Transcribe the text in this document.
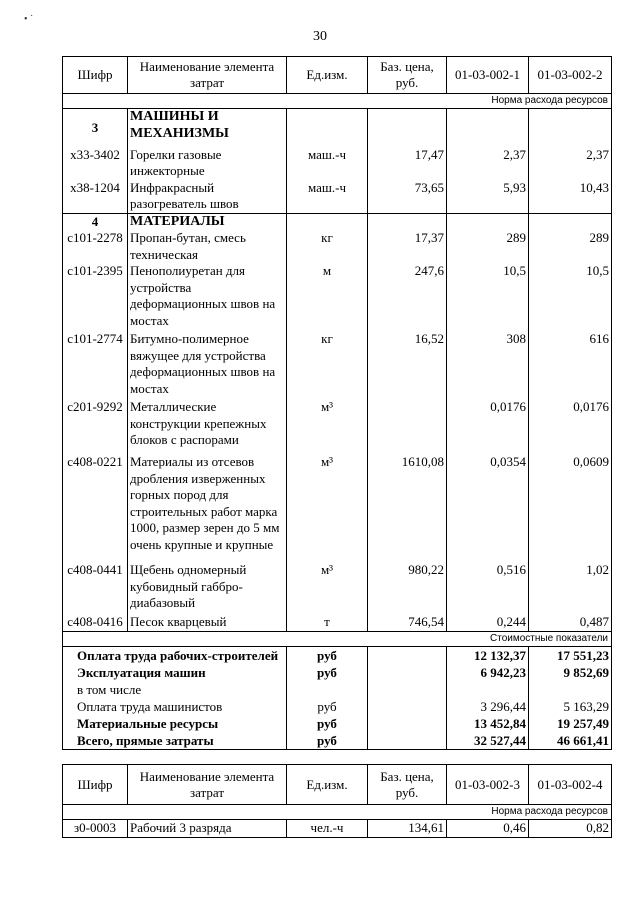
• ˙
30
Шифр	Наименование элемента затрат	Ед.изм.	Баз. цена, руб.	01-03-002-1	01-03-002-2
Норма расхода ресурсов					
3	МАШИНЫ И МЕХАНИЗМЫ				
х33-3402	Горелки газовые инжекторные	маш.-ч	17,47	2,37	2,37
х38-1204	Инфракрасный разогреватель швов	маш.-ч	73,65	5,93	10,43
4	МАТЕРИАЛЫ				
с101-2278	Пропан-бутан, смесь техническая	кг	17,37	289	289
с101-2395	Пенополиуретан для устройства деформационных швов на мостах	м	247,6	10,5	10,5
с101-2774	Битумно-полимерное вяжущее для устройства деформационных швов на мостах	кг	16,52	308	616
с201-9292	Металлические конструкции крепежных блоков с распорами	м³		0,0176	0,0176
с408-0221	Материалы из отсевов дробления изверженных горных пород для строительных работ марка 1000, размер зерен до 5 мм очень крупные и крупные	м³	1610,08	0,0354	0,0609
с408-0441	Щебень одномерный кубовидный габбро-диабазовый	м³	980,22	0,516	1,02
с408-0416	Песок кварцевый	т	746,54	0,244	0,487
Стоимостные показатели					
Оплата труда рабочих-строителей		руб		12 132,37	17 551,23
Эксплуатация машин		руб		6 942,23	9 852,69
в том числе					
Оплата труда машинистов		руб		3 296,44	5 163,29
Материальные ресурсы		руб		13 452,84	19 257,49
Всего, прямые затраты		руб		32 527,44	46 661,41
Шифр	Наименование элемента затрат	Ед.изм.	Баз. цена, руб.	01-03-002-3	01-03-002-4
Норма расхода ресурсов					
з0-0003	Рабочий 3 разряда	чел.-ч	134,61	0,46	0,82
